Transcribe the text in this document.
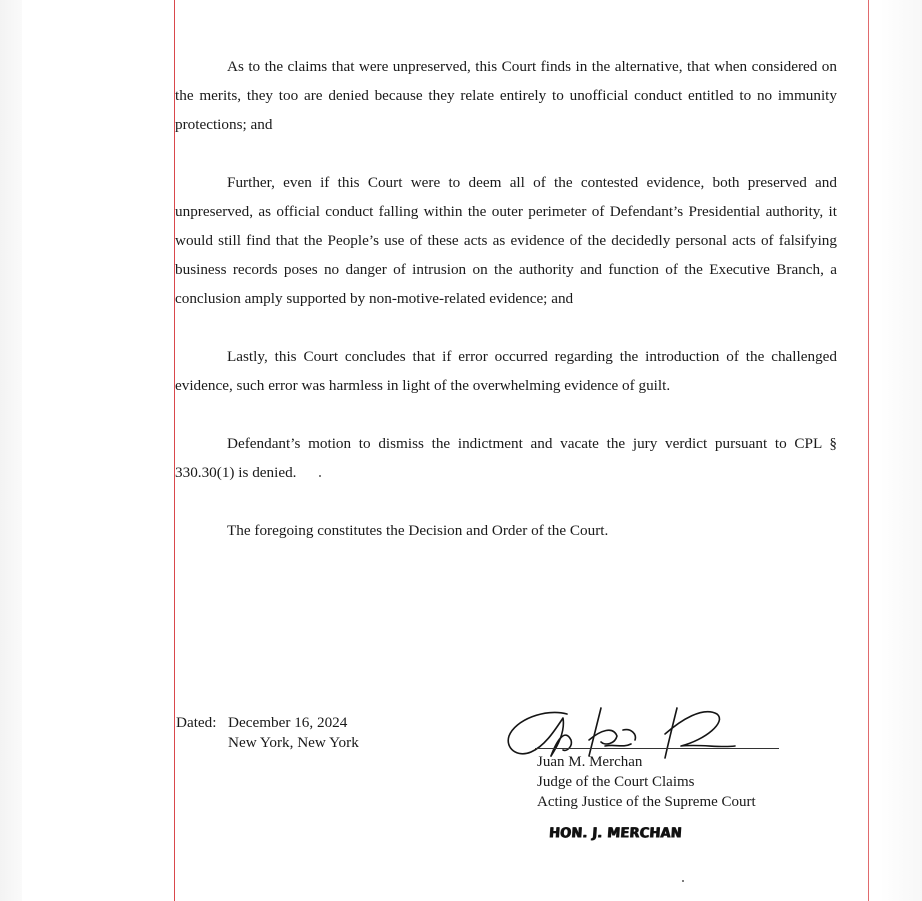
As to the claims that were unpreserved, this Court finds in the alternative, that when considered on the merits, they too are denied because they relate entirely to unofficial conduct entitled to no immunity protections; and

Further, even if this Court were to deem all of the contested evidence, both preserved and unpreserved, as official conduct falling within the outer perimeter of Defendant’s Presidential authority, it would still find that the People’s use of these acts as evidence of the decidedly personal acts of falsifying business records poses no danger of intrusion on the authority and function of the Executive Branch, a conclusion amply supported by non-motive-related evidence; and

Lastly, this Court concludes that if error occurred regarding the introduction of the challenged evidence, such error was harmless in light of the overwhelming evidence of guilt.

Defendant’s motion to dismiss the indictment and vacate the jury verdict pursuant to CPL § 330.30(1) is denied.

The foregoing constitutes the Decision and Order of the Court.

Dated: December 16, 2024
New York, New York
Juan M. Merchan
Judge of the Court Claims
Acting Justice of the Supreme Court
HON. J. MERCHAN
